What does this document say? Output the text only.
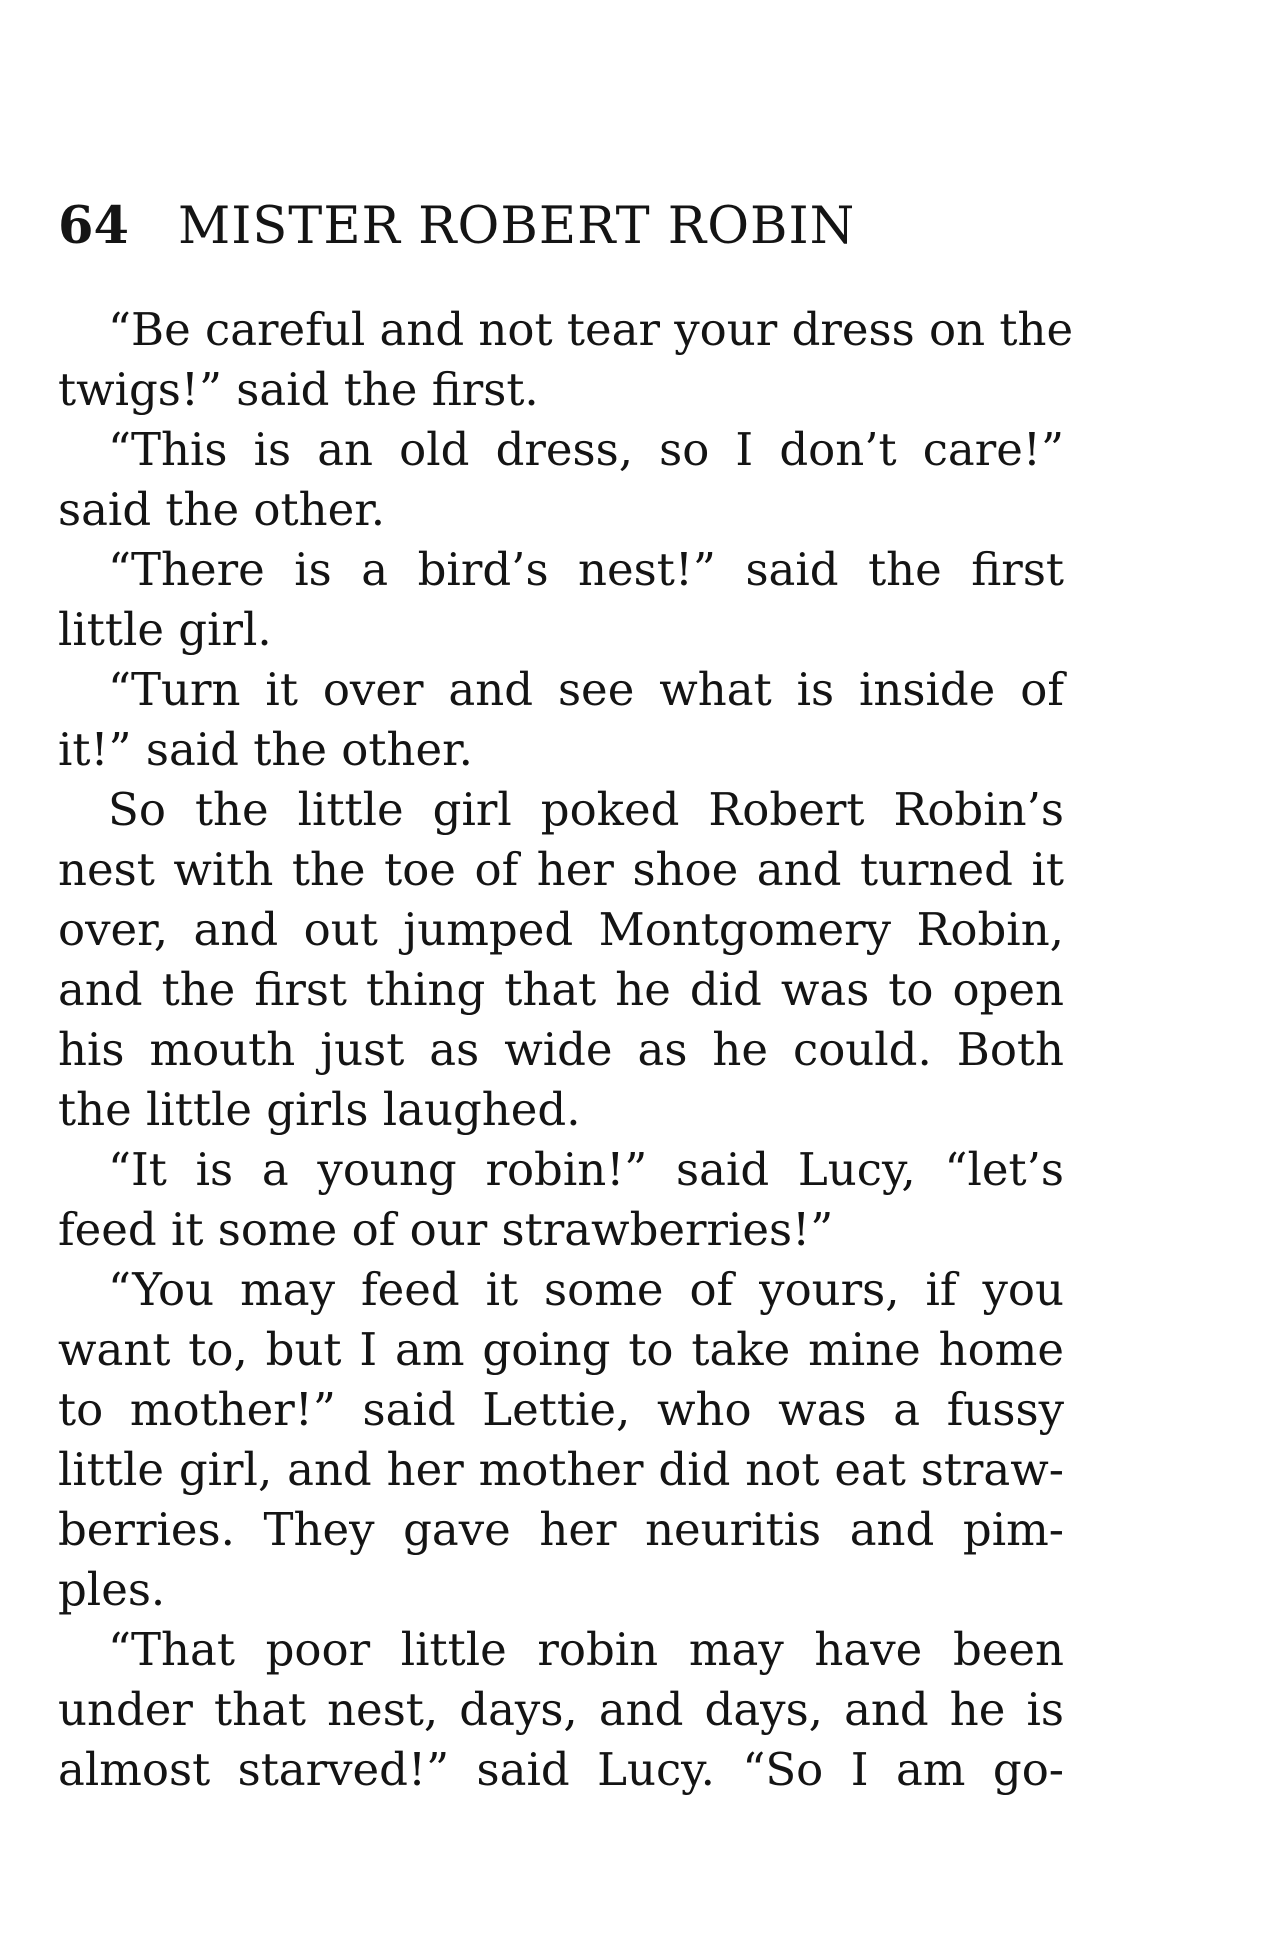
64 MISTER ROBERT ROBIN
“Be careful and not tear your dress on the
twigs!” said the first.
“This is an old dress, so I don’t care!”
said the other.
“There is a bird’s nest!” said the first
little girl.
“Turn it over and see what is inside of
it!” said the other.
So the little girl poked Robert Robin’s
nest with the toe of her shoe and turned it
over, and out jumped Montgomery Robin,
and the first thing that he did was to open
his mouth just as wide as he could. Both
the little girls laughed.
“It is a young robin!” said Lucy, “let’s
feed it some of our strawberries!”
“You may feed it some of yours, if you
want to, but I am going to take mine home
to mother!” said Lettie, who was a fussy
little girl, and her mother did not eat straw-
berries. They gave her neuritis and pim-
ples.
“That poor little robin may have been
under that nest, days, and days, and he is
almost starved!” said Lucy. “So I am go-
